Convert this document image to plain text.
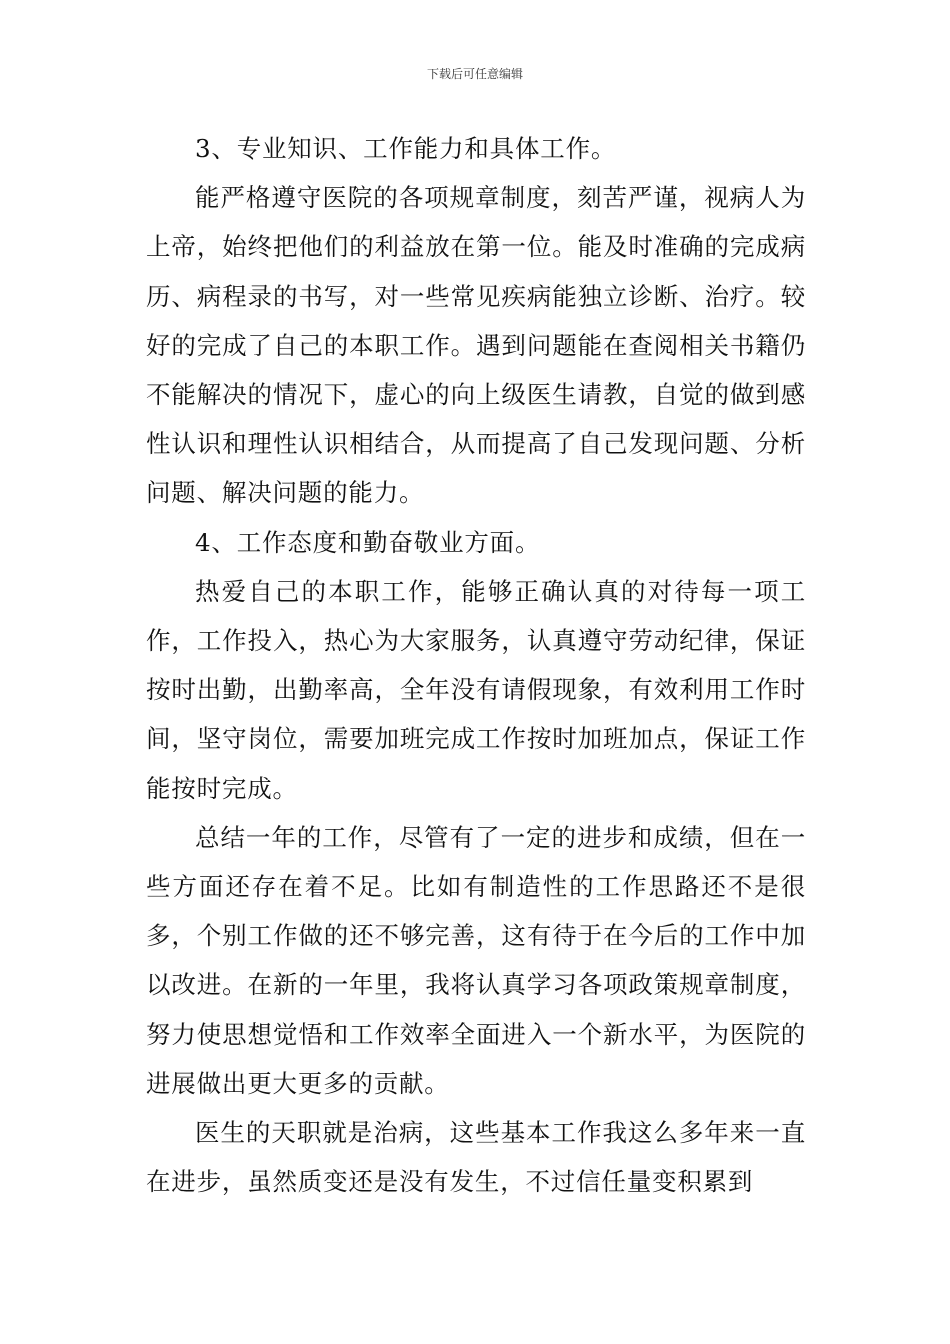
下载后可任意编辑

3、专业知识、工作能力和具体工作。

能严格遵守医院的各项规章制度，刻苦严谨，视病人为上帝，始终把他们的利益放在第一位。能及时准确的完成病历、病程录的书写，对一些常见疾病能独立诊断、治疗。较好的完成了自己的本职工作。遇到问题能在查阅相关书籍仍不能解决的情况下，虚心的向上级医生请教，自觉的做到感性认识和理性认识相结合，从而提高了自己发现问题、分析问题、解决问题的能力。

4、工作态度和勤奋敬业方面。

热爱自己的本职工作，能够正确认真的对待每一项工作，工作投入，热心为大家服务，认真遵守劳动纪律，保证按时出勤，出勤率高，全年没有请假现象，有效利用工作时间，坚守岗位，需要加班完成工作按时加班加点，保证工作能按时完成。

总结一年的工作，尽管有了一定的进步和成绩，但在一些方面还存在着不足。比如有制造性的工作思路还不是很多，个别工作做的还不够完善，这有待于在今后的工作中加以改进。在新的一年里，我将认真学习各项政策规章制度，努力使思想觉悟和工作效率全面进入一个新水平，为医院的进展做出更大更多的贡献。

医生的天职就是治病，这些基本工作我这么多年来一直在进步，虽然质变还是没有发生，不过信任量变积累到
